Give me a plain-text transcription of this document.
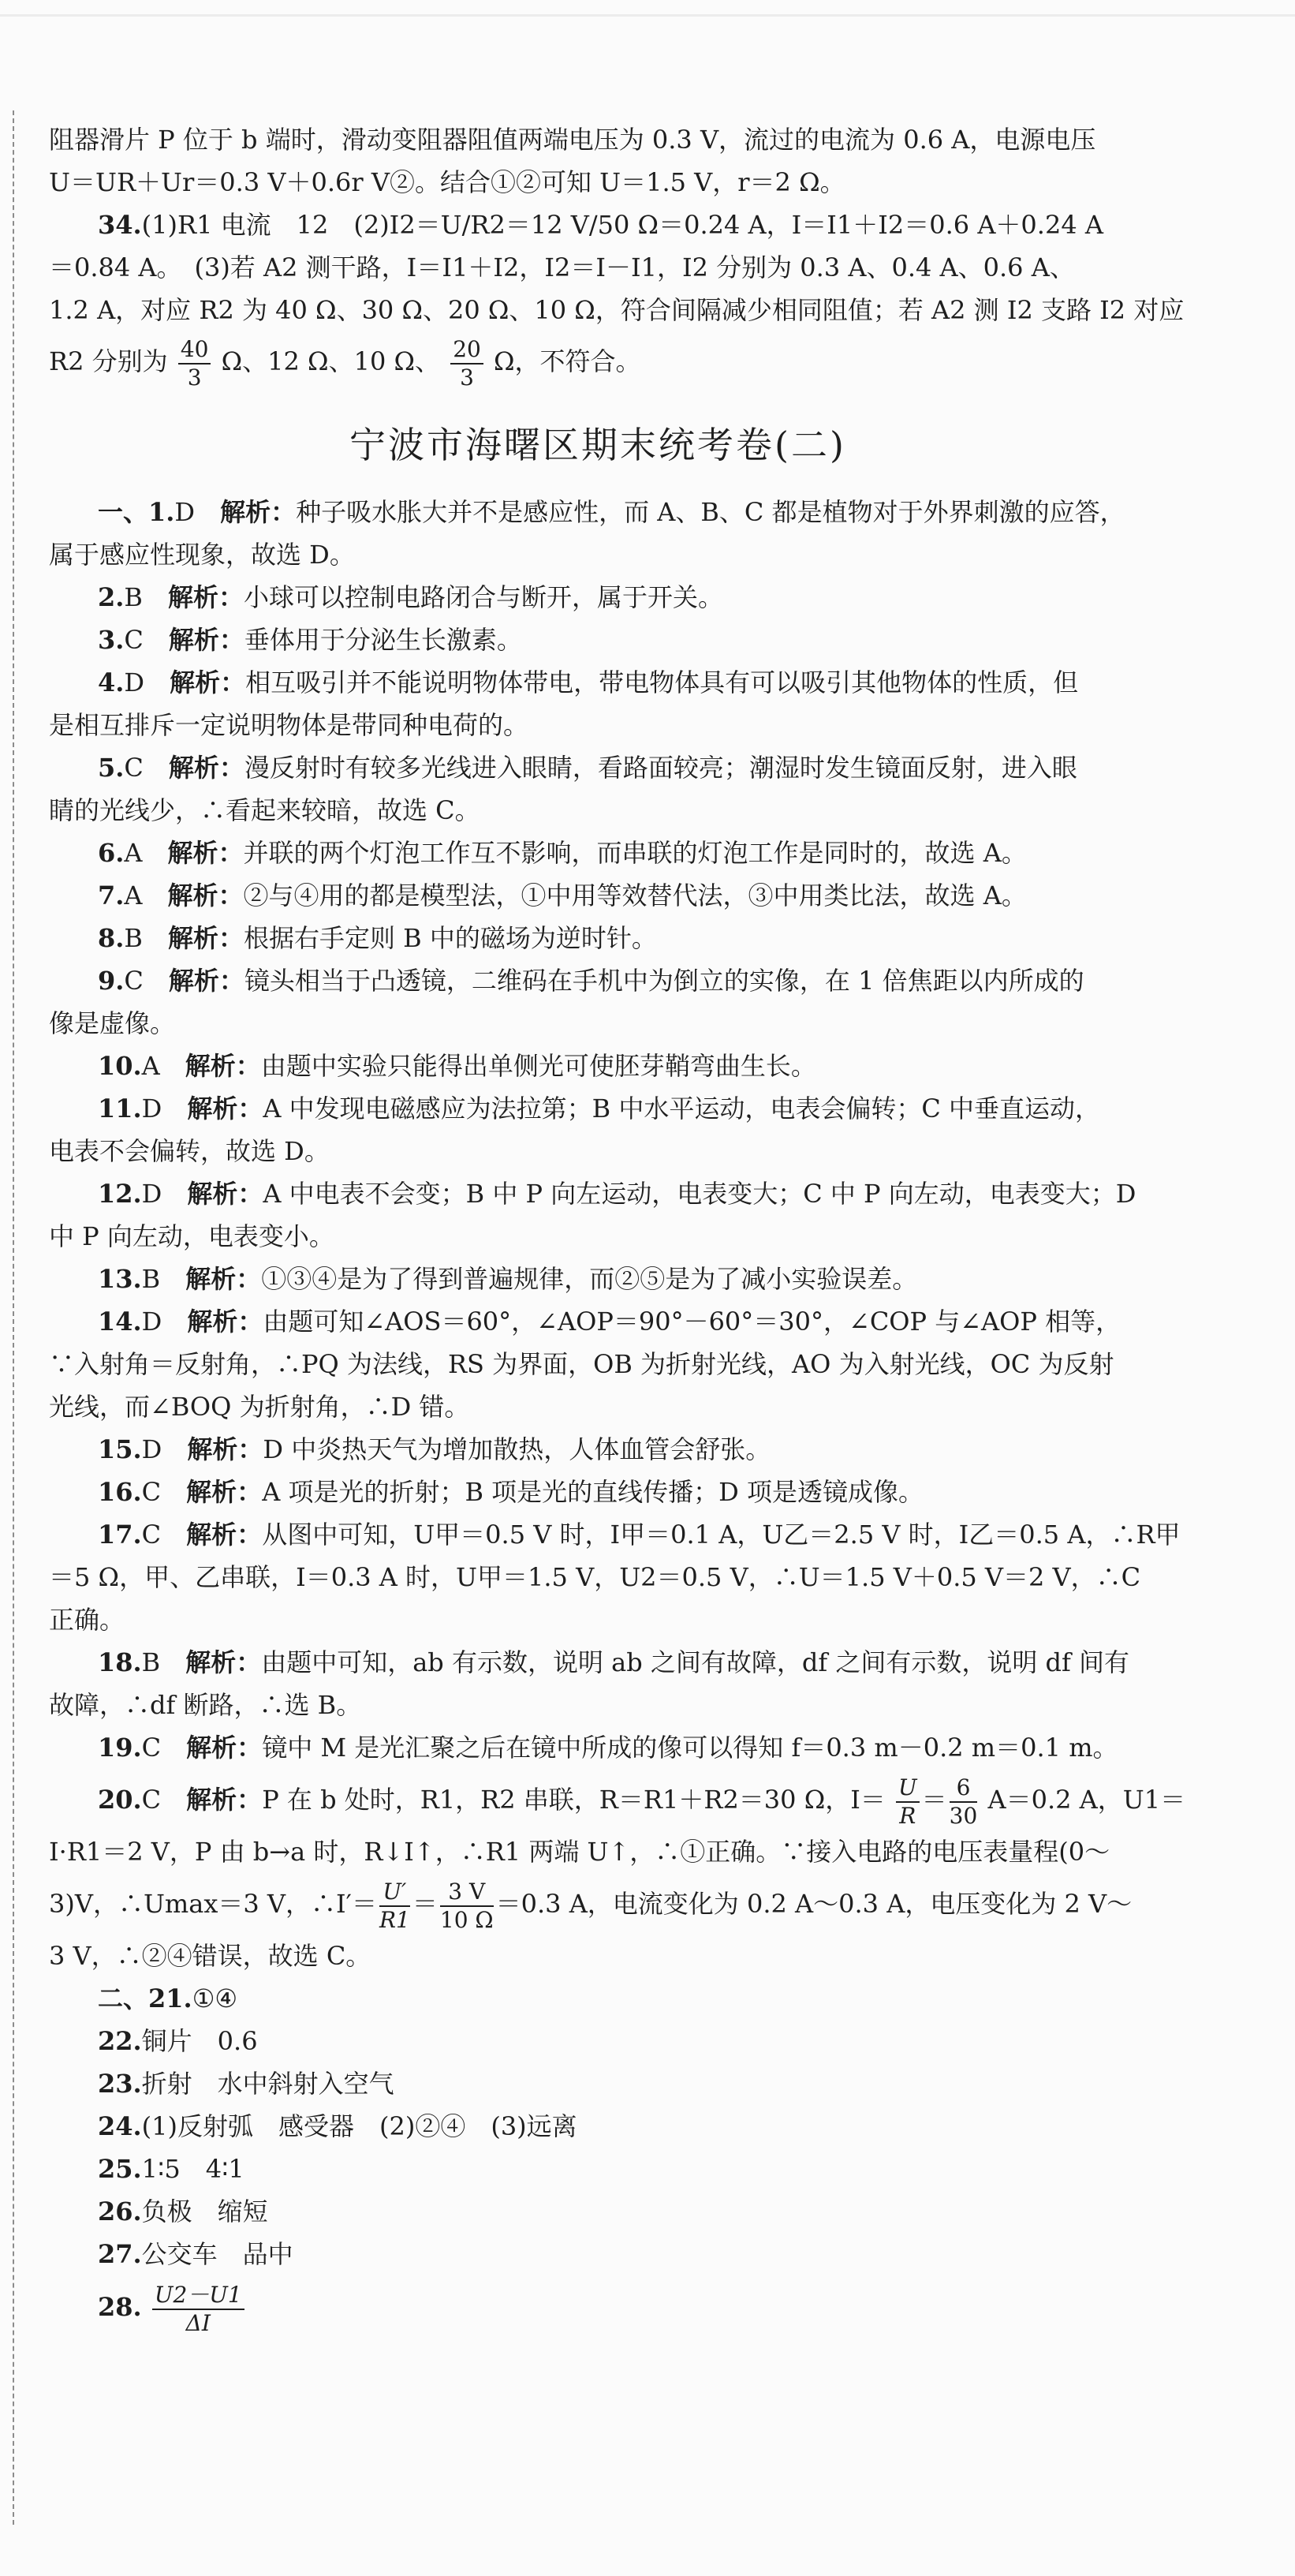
阻器滑片 P 位于 b 端时，滑动变阻器阻值两端电压为 0.3 V，流过的电流为 0.6 A，电源电压
U＝UR＋Ur＝0.3 V＋0.6r V②。结合①②可知 U＝1.5 V，r＝2 Ω。
34.(1)R1 电流　12　(2)I2＝U/R2＝12 V/50 Ω＝0.24 A，I＝I1＋I2＝0.6 A＋0.24 A
＝0.84 A。　(3)若 A2 测干路，I＝I1＋I2，I2＝I－I1，I2 分别为 0.3 A、0.4 A、0.6 A、
1.2 A，对应 R2 为 40 Ω、30 Ω、20 Ω、10 Ω，符合间隔减少相同阻值；若 A2 测 I2 支路 I2 对应
R2 分别为 $\frac{40}{3}$ Ω、12 Ω、10 Ω、 $\frac{20}{3}$ Ω，不符合。
宁波市海曙区期末统考卷(二)
一、1.D　 解析：种子吸水胀大并不是感应性，而 A、B、C 都是植物对于外界刺激的应答，
属于感应性现象，故选 D。
2.B　 解析：小球可以控制电路闭合与断开，属于开关。
3.C　 解析：垂体用于分泌生长激素。
4.D　 解析：相互吸引并不能说明物体带电，带电物体具有可以吸引其他物体的性质，但
是相互排斥一定说明物体是带同种电荷的。
5.C　 解析：漫反射时有较多光线进入眼睛，看路面较亮；潮湿时发生镜面反射，进入眼
睛的光线少，∴看起来较暗，故选 C。
6.A　 解析：并联的两个灯泡工作互不影响，而串联的灯泡工作是同时的，故选 A。
7.A　 解析：②与④用的都是模型法，①中用等效替代法，③中用类比法，故选 A。
8.B　 解析：根据右手定则 B 中的磁场为逆时针。
9.C　 解析：镜头相当于凸透镜，二维码在手机中为倒立的实像，在 1 倍焦距以内所成的
像是虚像。
10.A　 解析：由题中实验只能得出单侧光可使胚芽鞘弯曲生长。
11.D　 解析：A 中发现电磁感应为法拉第；B 中水平运动，电表会偏转；C 中垂直运动，
电表不会偏转，故选 D。
12.D　 解析：A 中电表不会变；B 中 P 向左运动，电表变大；C 中 P 向左动，电表变大；D
中 P 向左动，电表变小。
13.B　 解析：①③④是为了得到普遍规律，而②⑤是为了减小实验误差。
14.D　 解析：由题可知∠AOS＝60°，∠AOP＝90°－60°＝30°，∠COP 与∠AOP 相等，
∵入射角＝反射角，∴PQ 为法线，RS 为界面，OB 为折射光线，AO 为入射光线，OC 为反射
光线，而∠BOQ 为折射角，∴D 错。
15.D　 解析：D 中炎热天气为增加散热，人体血管会舒张。
16.C　 解析：A 项是光的折射；B 项是光的直线传播；D 项是透镜成像。
17.C　 解析：从图中可知，U甲＝0.5 V 时，I甲＝0.1 A，U乙＝2.5 V 时，I乙＝0.5 A，∴R甲
＝5 Ω，甲、乙串联，I＝0.3 A 时，U甲＝1.5 V，U2＝0.5 V，∴U＝1.5 V＋0.5 V＝2 V，∴C
正确。
18.B　 解析：由题中可知，ab 有示数，说明 ab 之间有故障，df 之间有示数，说明 df 间有
故障，∴df 断路，∴选 B。
19.C　 解析：镜中 M 是光汇聚之后在镜中所成的像可以得知 f＝0.3 m－0.2 m＝0.1 m。
20.C　 解析：P 在 b 处时，R1，R2 串联，R＝R1＋R2＝30 Ω，$I= \frac{U}{R} = \frac{6}{30} A=0.2$ A，U1＝
I·R1＝2 V，P 由 b→a 时，R↓I↑，∴R1 两端 U↑，∴①正确。∵接入电路的电压表量程(0～
3)V，∴Umax＝3 V，∴I′＝ $\frac{U'}{R1} = \frac{3 V}{10 \Omega} =0.3$ A，电流变化为 0.2 A～0.3 A，电压变化为 2 V～
3 V，∴②④错误，故选 C。
二、21.①④
22.铜片　0.6
23.折射　水中斜射入空气
24.(1)反射弧　感受器　(2)②④　(3)远离
25.1∶5　4∶1
26.负极　缩短
27.公交车　品中
28. $\frac{U2-U1}{\Delta I}$
